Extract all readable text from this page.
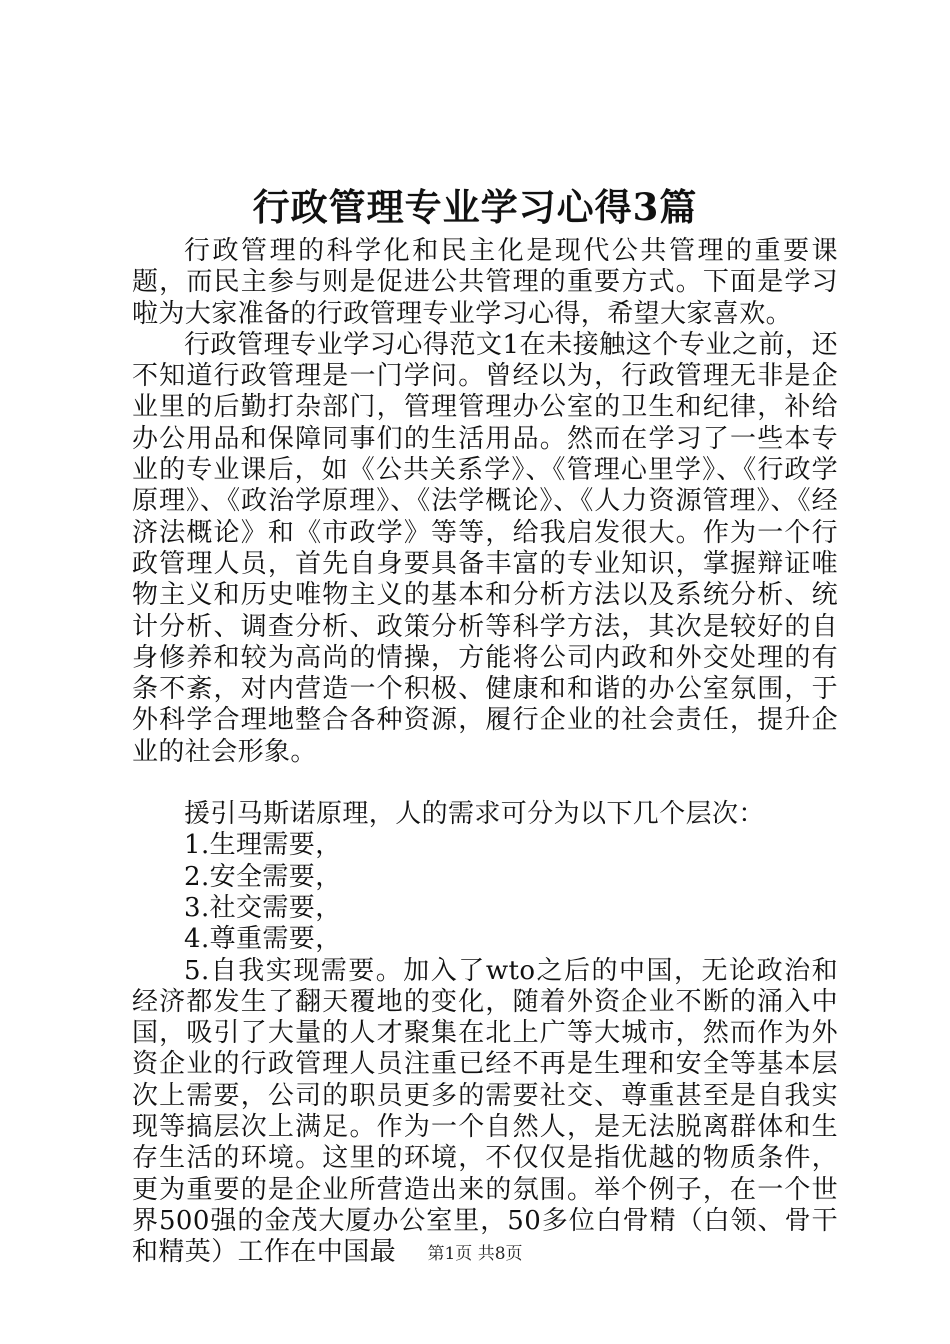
行政管理专业学习心得3篇

行政管理的科学化和民主化是现代公共管理的重要课题，而民主参与则是促进公共管理的重要方式。下面是学习啦为大家准备的行政管理专业学习心得，希望大家喜欢。

行政管理专业学习心得范文1在未接触这个专业之前，还不知道行政管理是一门学问。曾经以为，行政管理无非是企业里的后勤打杂部门，管理管理办公室的卫生和纪律，补给办公用品和保障同事们的生活用品。然而在学习了一些本专业的专业课后，如《公共关系学》、《管理心里学》、《行政学原理》、《政治学原理》、《法学概论》、《人力资源管理》、《经济法概论》和《市政学》等等，给我启发很大。作为一个行政管理人员，首先自身要具备丰富的专业知识，掌握辩证唯物主义和历史唯物主义的基本和分析方法以及系统分析、统计分析、调查分析、政策分析等科学方法，其次是较好的自身修养和较为高尚的情操，方能将公司内政和外交处理的有条不紊，对内营造一个积极、健康和和谐的办公室氛围，于外科学合理地整合各种资源，履行企业的社会责任，提升企业的社会形象。

援引马斯诺原理，人的需求可分为以下几个层次：

1.生理需要，

2.安全需要，

3.社交需要，

4.尊重需要，

5.自我实现需要。加入了wto之后的中国，无论政治和经济都发生了翻天覆地的变化，随着外资企业不断的涌入中国，吸引了大量的人才聚集在北上广等大城市，然而作为外资企业的行政管理人员注重已经不再是生理和安全等基本层次上需要，公司的职员更多的需要社交、尊重甚至是自我实现等搞层次上满足。作为一个自然人，是无法脱离群体和生存生活的环境。这里的环境，不仅仅是指优越的物质条件，更为重要的是企业所营造出来的氛围。举个例子，在一个世界500强的金茂大厦办公室里，50多位白骨精（白领、骨干和精英）工作在中国最	第1页 共8页
